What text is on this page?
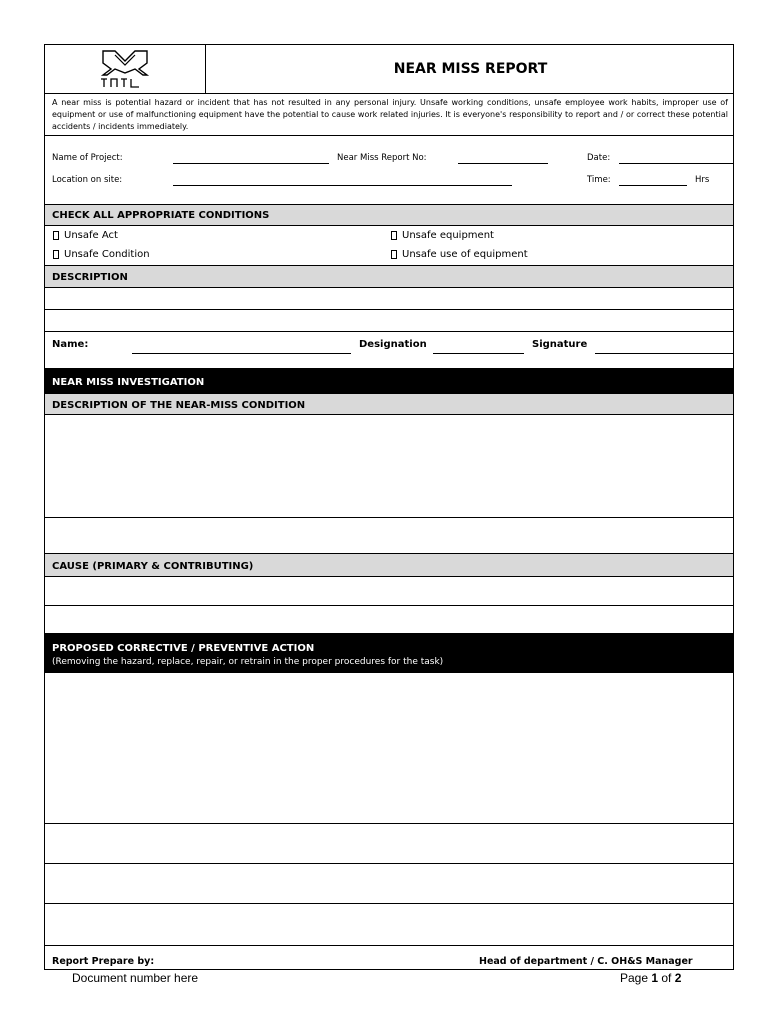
NEAR MISS REPORT
A near miss is potential hazard or incident that has not resulted in any personal injury. Unsafe working conditions, unsafe employee work habits, improper use of equipment or use of malfunctioning equipment have the potential to cause work related injuries. It is everyone's responsibility to report and / or correct these potential accidents / incidents immediately.
Name of Project:	Near Miss Report No:	Date:
Location on site:	Time:	Hrs
CHECK ALL APPROPRIATE CONDITIONS
Unsafe Act	Unsafe equipment
Unsafe Condition	Unsafe use of equipment
DESCRIPTION
Name:	Designation	Signature
NEAR MISS INVESTIGATION
DESCRIPTION OF THE NEAR-MISS CONDITION
CAUSE (PRIMARY & CONTRIBUTING)
PROPOSED CORRECTIVE / PREVENTIVE ACTION
(Removing the hazard, replace, repair, or retrain in the proper procedures for the task)
Report Prepare by:	Head of department / C. OH&S Manager
Document number here	Page 1 of 2
